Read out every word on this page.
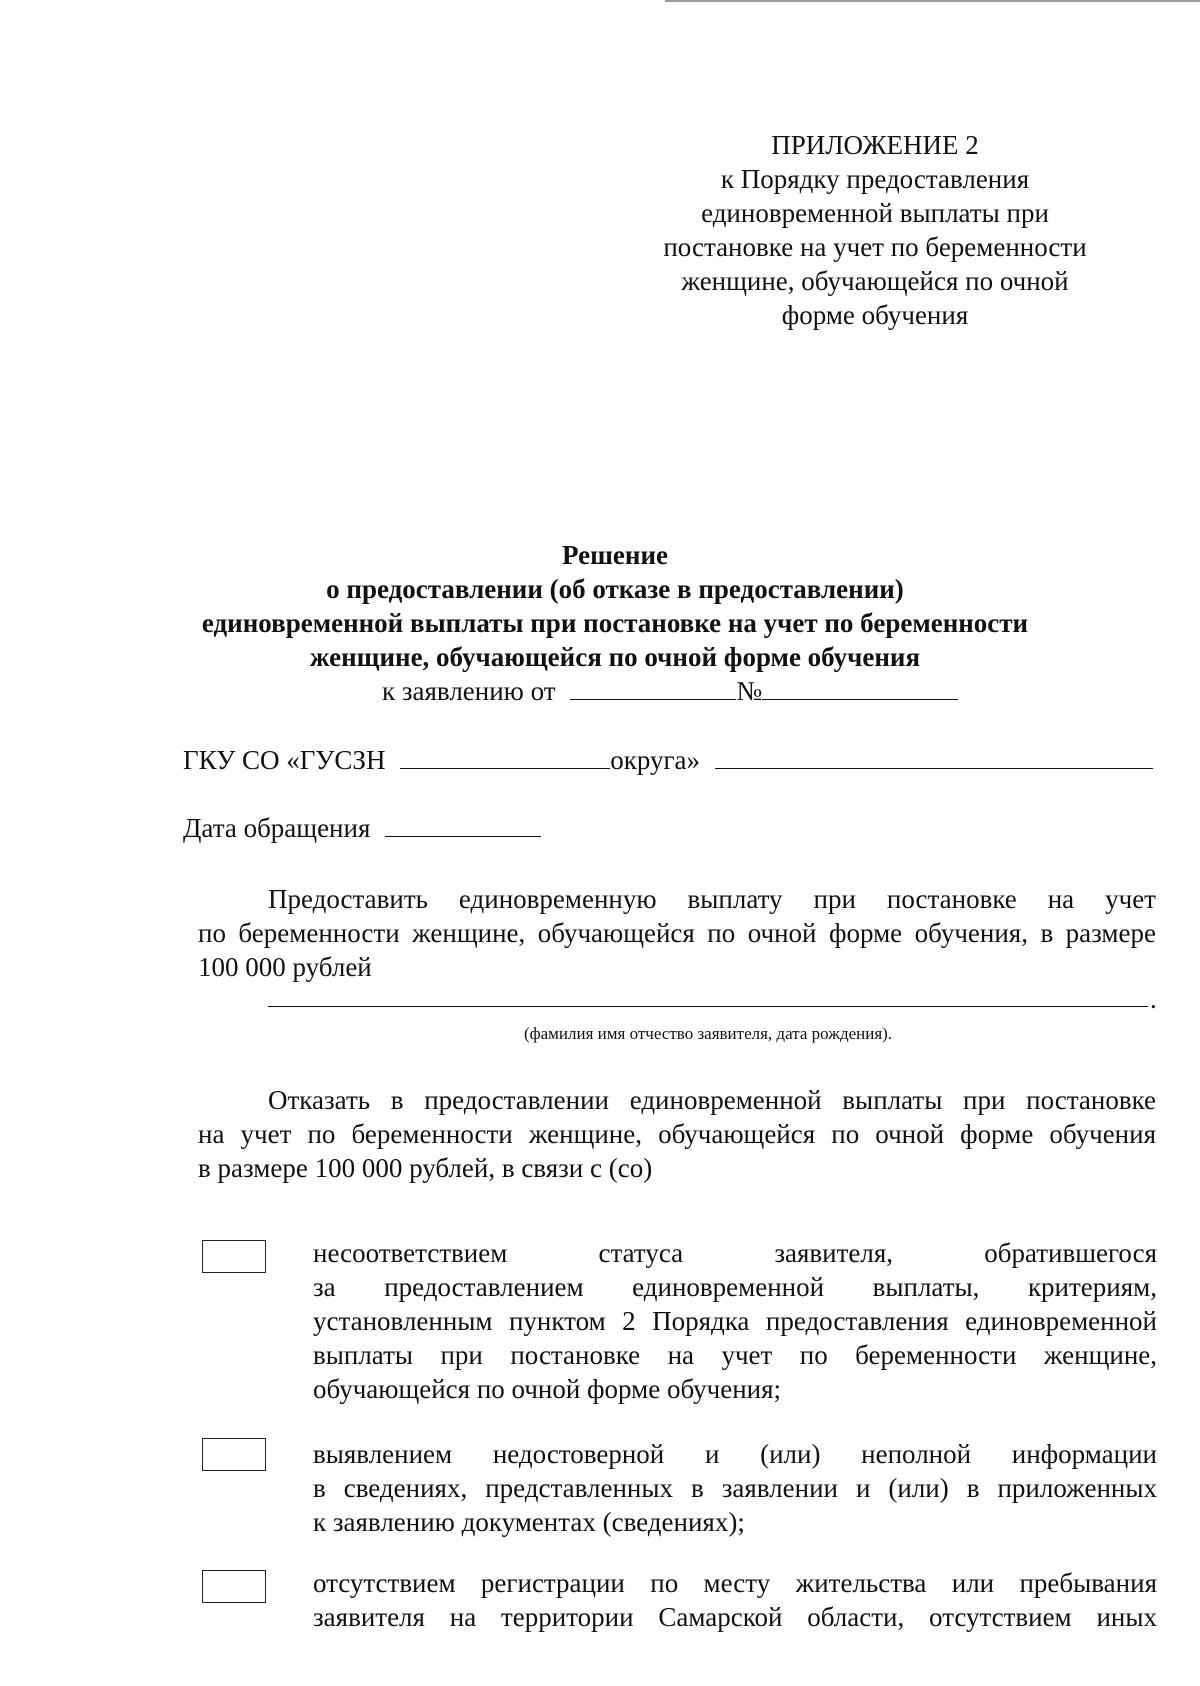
ПРИЛОЖЕНИЕ 2
к Порядку предоставления
единовременной выплаты при
постановке на учет по беременности
женщине, обучающейся по очной
форме обучения
Решение
о предоставлении (об отказе в предоставлении)
единовременной выплаты при постановке на учет по беременности
женщине, обучающейся по очной форме обучения
к заявлению от	№
ГКУ СО «ГУСЗН	округа»
Дата обращения
Предоставить единовременную выплату при постановке на учет
по беременности женщине, обучающейся по очной форме обучения, в размере
100 000 рублей
.
(фамилия имя отчество заявителя, дата рождения).
Отказать в предоставлении единовременной выплаты при постановке
на учет по беременности женщине, обучающейся по очной форме обучения
в размере 100 000 рублей, в связи с (со)
несоответствием статуса заявителя, обратившегося
за предоставлением единовременной выплаты, критериям,
установленным пунктом 2 Порядка предоставления единовременной
выплаты при постановке на учет по беременности женщине,
обучающейся по очной форме обучения;
выявлением недостоверной и (или) неполной информации
в сведениях, представленных в заявлении и (или) в приложенных
к заявлению документах (сведениях);
отсутствием регистрации по месту жительства или пребывания
заявителя на территории Самарской области, отсутствием иных
